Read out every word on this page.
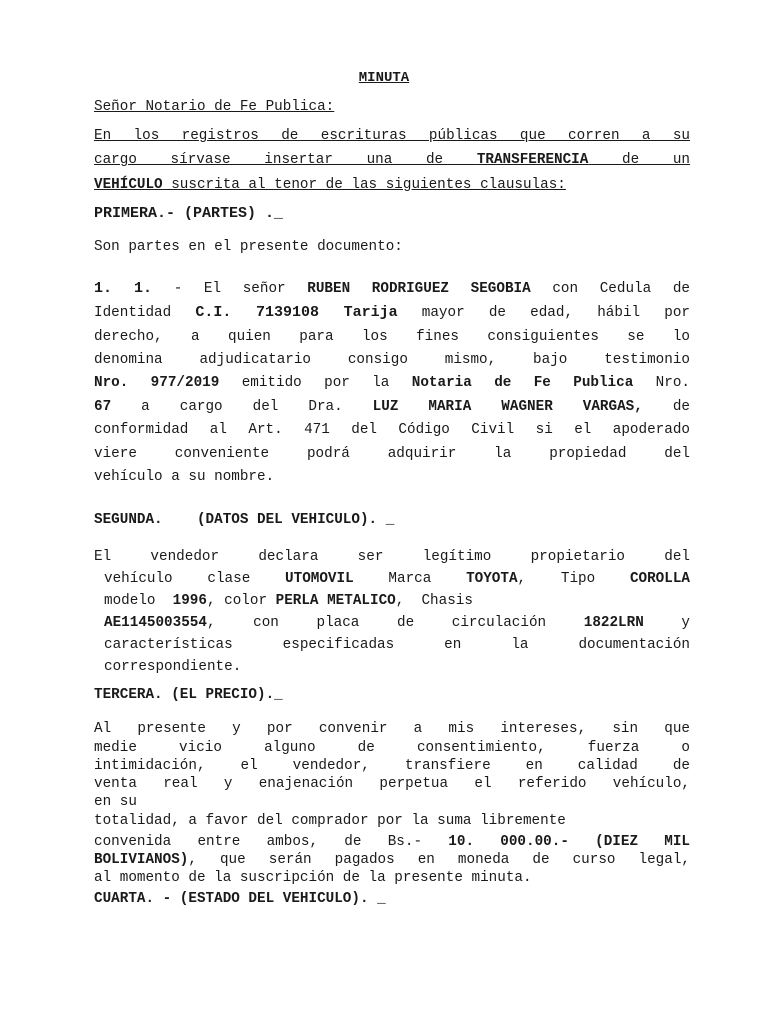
MINUTA
Señor Notario de Fe Publica:
En los registros de escrituras públicas que corren a su
cargo sírvase insertar una de TRANSFERENCIA de un
VEHÍCULO suscrita al tenor de las siguientes clausulas:
PRIMERA.- (PARTES) ._
Son partes en el presente documento:
1. 1. - El señor RUBEN RODRIGUEZ SEGOBIA con Cedula de
Identidad C.I. 7139108 Tarija mayor de edad, hábil por
derecho, a quien para los fines consiguientes se lo
denomina adjudicatario consigo mismo, bajo testimonio
Nro. 977/2019 emitido por la Notaria de Fe Publica Nro.
67 a cargo del Dra. LUZ MARIA WAGNER VARGAS, de
conformidad al Art. 471 del Código Civil si el apoderado
viere conveniente podrá adquirir la propiedad del
vehículo a su nombre.
SEGUNDA.    (DATOS DEL VEHICULO). _
El vendedor declara ser legítimo propietario del
vehículo clase UTOMOVIL Marca TOYOTA, Tipo COROLLA
modelo  1996, color PERLA METALICO,  Chasis
AE1145003554, con placa de circulación 1822LRN y
características especificadas en la documentación
correspondiente.
TERCERA. (EL PRECIO)._
Al presente y por convenir a mis intereses, sin que
medie vicio alguno de consentimiento, fuerza o
intimidación, el vendedor, transfiere en calidad de
venta real y enajenación perpetua el referido vehículo,
en su
totalidad, a favor del comprador por la suma libremente
convenida entre ambos, de Bs.- 10. 000.00.- (DIEZ MIL
BOLIVIANOS), que serán pagados en moneda de curso legal,
al momento de la suscripción de la presente minuta.
CUARTA. - (ESTADO DEL VEHICULO). _
